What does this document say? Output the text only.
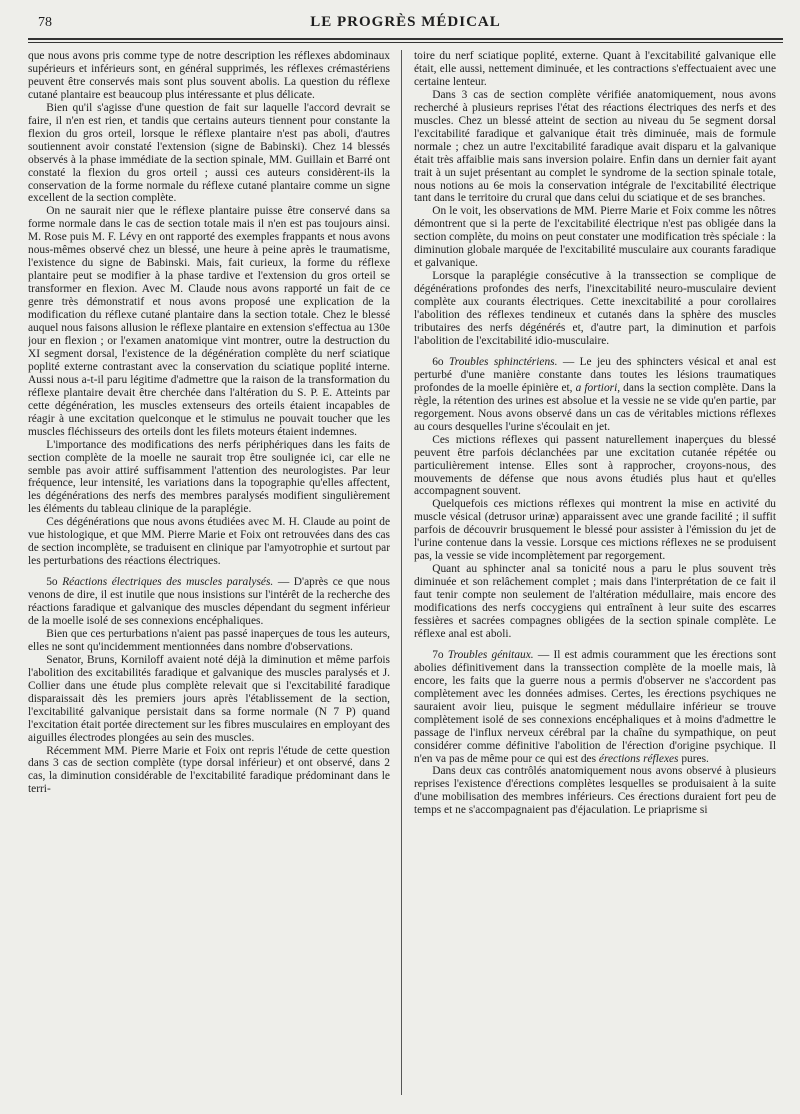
78	LE PROGRÈS MÉDICAL

que nous avons pris comme type de notre description les réflexes abdominaux supérieurs et inférieurs sont, en général supprimés, les réflexes crémastériens peuvent être conservés mais sont plus souvent abolis. La question du réflexe cutané plantaire est beaucoup plus intéressante et plus délicate.

Bien qu'il s'agisse d'une question de fait sur laquelle l'accord devrait se faire, il n'en est rien, et tandis que certains auteurs tiennent pour constante la flexion du gros orteil, lorsque le réflexe plantaire n'est pas aboli, d'autres soutiennent avoir constaté l'extension (signe de Babinski). Chez 14 blessés observés à la phase immédiate de la section spinale, MM. Guillain et Barré ont constaté la flexion du gros orteil ; aussi ces auteurs considèrent-ils la conservation de la forme normale du réflexe cutané plantaire comme un signe excellent de la section complète.

On ne saurait nier que le réflexe plantaire puisse être conservé dans sa forme normale dans le cas de section totale mais il n'en est pas toujours ainsi. M. Rose puis M. F. Lévy en ont rapporté des exemples frappants et nous avons nous-mêmes observé chez un blessé, une heure à peine après le traumatisme, l'existence du signe de Babinski. Mais, fait curieux, la forme du réflexe plantaire peut se modifier à la phase tardive et l'extension du gros orteil se transformer en flexion. Avec M. Claude nous avons rapporté un fait de ce genre très démonstratif et nous avons proposé une explication de la modification du réflexe cutané plantaire dans la section totale. Chez le blessé auquel nous faisons allusion le réflexe plantaire en extension s'effectua au 130e jour en flexion ; or l'examen anatomique vint montrer, outre la destruction du XI segment dorsal, l'existence de la dégénération complète du nerf sciatique poplité externe contrastant avec la conservation du sciatique poplité interne. Aussi nous a-t-il paru légitime d'admettre que la raison de la transformation du réflexe plantaire devait être cherchée dans l'altération du S. P. E. Atteints par cette dégénération, les muscles extenseurs des orteils étaient incapables de réagir à une excitation quelconque et le stimulus ne pouvait toucher que les muscles fléchisseurs des orteils dont les filets moteurs étaient indemnes.

L'importance des modifications des nerfs périphériques dans les faits de section complète de la moelle ne saurait trop être soulignée ici, car elle ne semble pas avoir attiré suffisamment l'attention des neurologistes. Par leur fréquence, leur intensité, les variations dans la topographie qu'elles affectent, les dégénérations des nerfs des membres paralysés modifient singulièrement les éléments du tableau clinique de la paraplégie.

Ces dégénérations que nous avons étudiées avec M. H. Claude au point de vue histologique, et que MM. Pierre Marie et Foix ont retrouvées dans des cas de section incomplète, se traduisent en clinique par l'amyotrophie et surtout par les perturbations des réactions électriques.

5o Réactions électriques des muscles paralysés. — D'après ce que nous venons de dire, il est inutile que nous insistions sur l'intérêt de la recherche des réactions faradique et galvanique des muscles dépendant du segment inférieur de la moelle isolé de ses connexions encéphaliques.

Bien que ces perturbations n'aient pas passé inaperçues de tous les auteurs, elles ne sont qu'incidemment mentionnées dans nombre d'observations.

Senator, Bruns, Korniloff avaient noté déjà la diminution et même parfois l'abolition des excitabilités faradique et galvanique des muscles paralysés et J. Collier dans une étude plus complète relevait que si l'excitabilité faradique disparaissait dès les premiers jours après l'établissement de la section, l'excitabilité galvanique persistait dans sa forme normale (N 7 P) quand l'excitation était portée directement sur les fibres musculaires en employant des aiguilles électrodes plongées au sein des muscles.

Récemment MM. Pierre Marie et Foix ont repris l'étude de cette question dans 3 cas de section complète (type dorsal inférieur) et ont observé, dans 2 cas, la diminution considérable de l'excitabilité faradique prédominant dans le terri-

toire du nerf sciatique poplité, externe. Quant à l'excitabilité galvanique elle était, elle aussi, nettement diminuée, et les contractions s'effectuaient avec une certaine lenteur.

Dans 3 cas de section complète vérifiée anatomiquement, nous avons recherché à plusieurs reprises l'état des réactions électriques des nerfs et des muscles. Chez un blessé atteint de section au niveau du 5e segment dorsal l'excitabilité faradique et galvanique était très diminuée, mais de formule normale ; chez un autre l'excitabilité faradique avait disparu et la galvanique était très affaiblie mais sans inversion polaire. Enfin dans un dernier fait ayant trait à un sujet présentant au complet le syndrome de la section spinale totale, nous notions au 6e mois la conservation intégrale de l'excitabilité électrique tant dans le territoire du crural que dans celui du sciatique et de ses branches.

On le voit, les observations de MM. Pierre Marie et Foix comme les nôtres démontrent que si la perte de l'excitabilité électrique n'est pas obligée dans la section complète, du moins on peut constater une modification très spéciale : la diminution globale marquée de l'excitabilité musculaire aux courants faradique et galvanique.

Lorsque la paraplégie consécutive à la transsection se complique de dégénérations profondes des nerfs, l'inexcitabilité neuro-musculaire devient complète aux courants électriques. Cette inexcitabilité a pour corollaires l'abolition des réflexes tendineux et cutanés dans la sphère des muscles tributaires des nerfs dégénérés et, d'autre part, la diminution et parfois l'abolition de l'excitabilité idio-musculaire.

6o Troubles sphinctériens. — Le jeu des sphincters vésical et anal est perturbé d'une manière constante dans toutes les lésions traumatiques profondes de la moelle épinière et, a fortiori, dans la section complète. Dans la règle, la rétention des urines est absolue et la vessie ne se vide qu'en partie, par regorgement. Nous avons observé dans un cas de véritables mictions réflexes au cours desquelles l'urine s'écoulait en jet.

Ces mictions réflexes qui passent naturellement inaperçues du blessé peuvent être parfois déclanchées par une excitation cutanée répétée ou particulièrement intense. Elles sont à rapprocher, croyons-nous, des mouvements de défense que nous avons étudiés plus haut et qu'elles accompagnent souvent.

Quelquefois ces mictions réflexes qui montrent la mise en activité du muscle vésical (detrusor urinæ) apparaissent avec une grande facilité ; il suffit parfois de découvrir brusquement le blessé pour assister à l'émission du jet de l'urine contenue dans la vessie. Lorsque ces mictions réflexes ne se produisent pas, la vessie se vide incomplètement par regorgement.

Quant au sphincter anal sa tonicité nous a paru le plus souvent très diminuée et son relâchement complet ; mais dans l'interprétation de ce fait il faut tenir compte non seulement de l'altération médullaire, mais encore des modifications des nerfs coccygiens qui entraînent à leur suite des escarres fessières et sacrées compagnes obligées de la section spinale complète. Le réflexe anal est aboli.

7o Troubles génitaux. — Il est admis couramment que les érections sont abolies définitivement dans la transsection complète de la moelle mais, là encore, les faits que la guerre nous a permis d'observer ne s'accordent pas complètement avec les données admises. Certes, les érections psychiques ne sauraient avoir lieu, puisque le segment médullaire inférieur se trouve complètement isolé de ses connexions encéphaliques et à moins d'admettre le passage de l'influx nerveux cérébral par la chaîne du sympathique, on peut considérer comme définitive l'abolition de l'érection d'origine psychique. Il n'en va pas de même pour ce qui est des érections réflexes pures.

Dans deux cas contrôlés anatomiquement nous avons observé à plusieurs reprises l'existence d'érections complètes lesquelles se produisaient à la suite d'une mobilisation des membres inférieurs. Ces érections duraient fort peu de temps et ne s'accompagnaient pas d'éjaculation. Le priaprisme si
